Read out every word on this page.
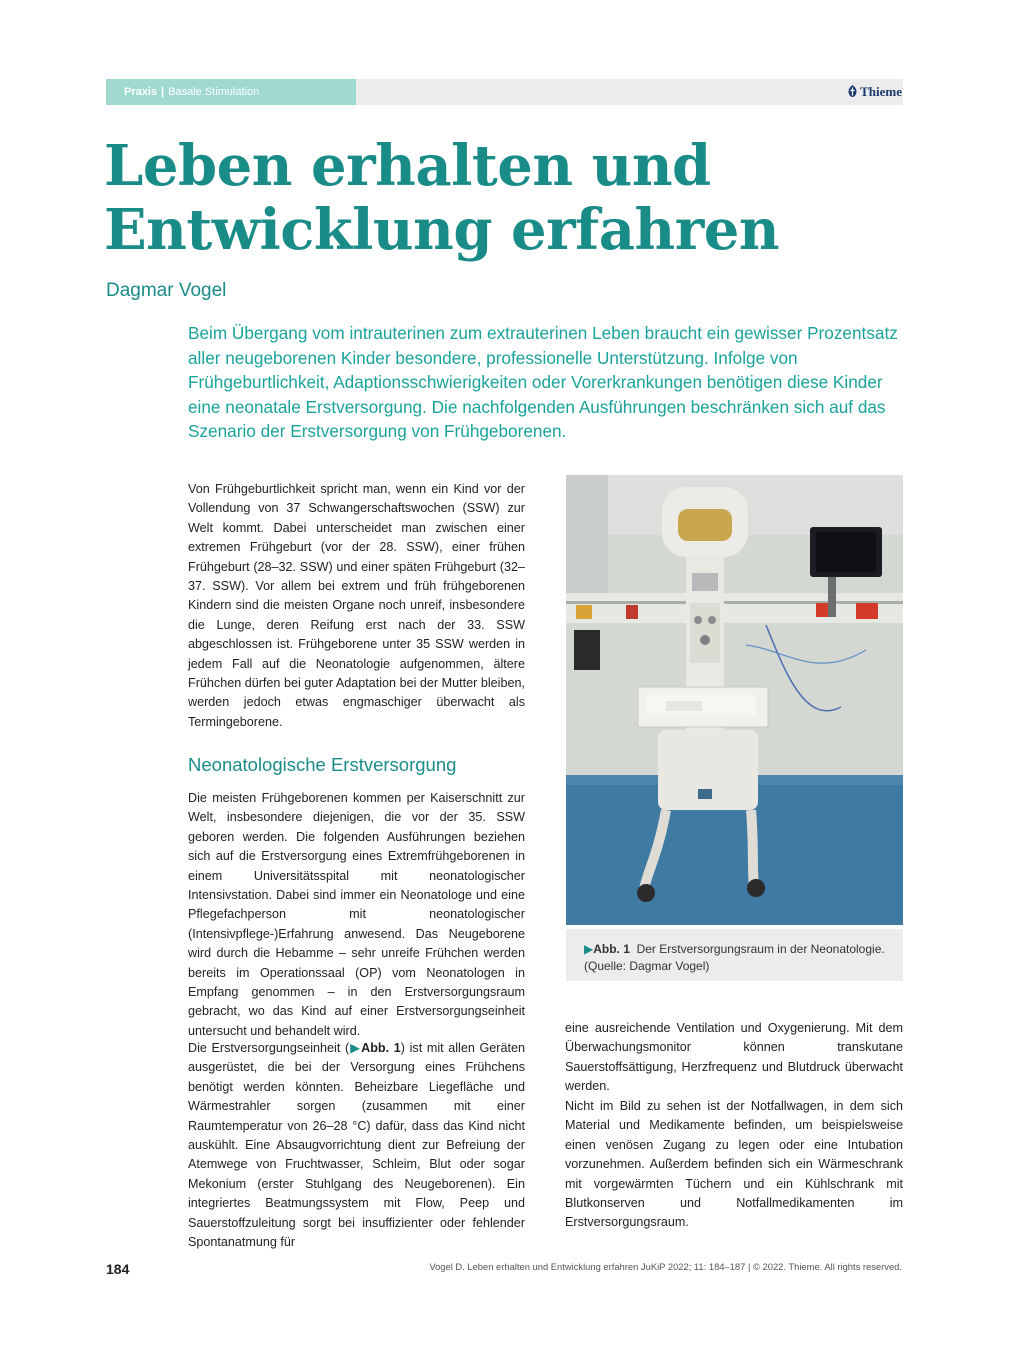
Praxis | Basale Stimulation	Thieme
Leben erhalten und
Entwicklung erfahren
Dagmar Vogel

Beim Übergang vom intrauterinen zum extrauterinen Leben braucht ein gewisser Prozentsatz aller neugeborenen Kinder besondere, professionelle Unterstützung. Infolge von Frühgeburtlichkeit, Adaptionsschwierigkeiten oder Vorerkrankungen benötigen diese Kinder eine neonatale Erstversorgung. Die nachfolgenden Ausführungen beschränken sich auf das Szenario der Erstversorgung von Frühgeborenen.

Von Frühgeburtlichkeit spricht man, wenn ein Kind vor der Vollendung von 37 Schwangerschaftswochen (SSW) zur Welt kommt. Dabei unterscheidet man zwischen einer extremen Frühgeburt (vor der 28. SSW), einer frühen Frühgeburt (28–32. SSW) und einer späten Frühgeburt (32–37. SSW). Vor allem bei extrem und früh frühgeborenen Kindern sind die meisten Organe noch unreif, insbesondere die Lunge, deren Reifung erst nach der 33. SSW abgeschlossen ist. Frühgeborene unter 35 SSW werden in jedem Fall auf die Neonatologie aufgenommen, ältere Frühchen dürfen bei guter Adaptation bei der Mutter bleiben, werden jedoch etwas engmaschiger überwacht als Termingeborene.

Neonatologische Erstversorgung

Die meisten Frühgeborenen kommen per Kaiserschnitt zur Welt, insbesondere diejenigen, die vor der 35. SSW geboren werden. Die folgenden Ausführungen beziehen sich auf die Erstversorgung eines Extremfrühgeborenen in einem Universitätsspital mit neonatologischer Intensivstation. Dabei sind immer ein Neonatologe und eine Pflegefachperson mit neonatologischer (Intensivpflege-)Erfahrung anwesend. Das Neugeborene wird durch die Hebamme – sehr unreife Frühchen werden bereits im Operationssaal (OP) vom Neonatologen in Empfang genommen – in den Erstversorgungsraum gebracht, wo das Kind auf einer Erstversorgungseinheit untersucht und behandelt wird.

Die Erstversorgungseinheit (▶Abb. 1) ist mit allen Geräten ausgerüstet, die bei der Versorgung eines Frühchens benötigt werden könnten. Beheizbare Liegefläche und Wärmestrahler sorgen (zusammen mit einer Raumtemperatur von 26–28 °C) dafür, dass das Kind nicht auskühlt. Eine Absaugvorrichtung dient zur Befreiung der Atemwege von Fruchtwasser, Schleim, Blut oder sogar Mekonium (erster Stuhlgang des Neugeborenen). Ein integriertes Beatmungssystem mit Flow, Peep und Sauerstoffzuleitung sorgt bei insuffizienter oder fehlender Spontanatmung für

▶Abb. 1 Der Erstversorgungsraum in der Neonatologie. (Quelle: Dagmar Vogel)

eine ausreichende Ventilation und Oxygenierung. Mit dem Überwachungsmonitor können transkutane Sauerstoffsättigung, Herzfrequenz und Blutdruck überwacht werden.

Nicht im Bild zu sehen ist der Notfallwagen, in dem sich Material und Medikamente befinden, um beispielsweise einen venösen Zugang zu legen oder eine Intubation vorzunehmen. Außerdem befinden sich ein Wärmeschrank mit vorgewärmten Tüchern und ein Kühlschrank mit Blutkonserven und Notfallmedikamenten im Erstversorgungsraum.

184	Vogel D. Leben erhalten und Entwicklung erfahren JuKiP 2022; 11: 184–187 | © 2022. Thieme. All rights reserved.
